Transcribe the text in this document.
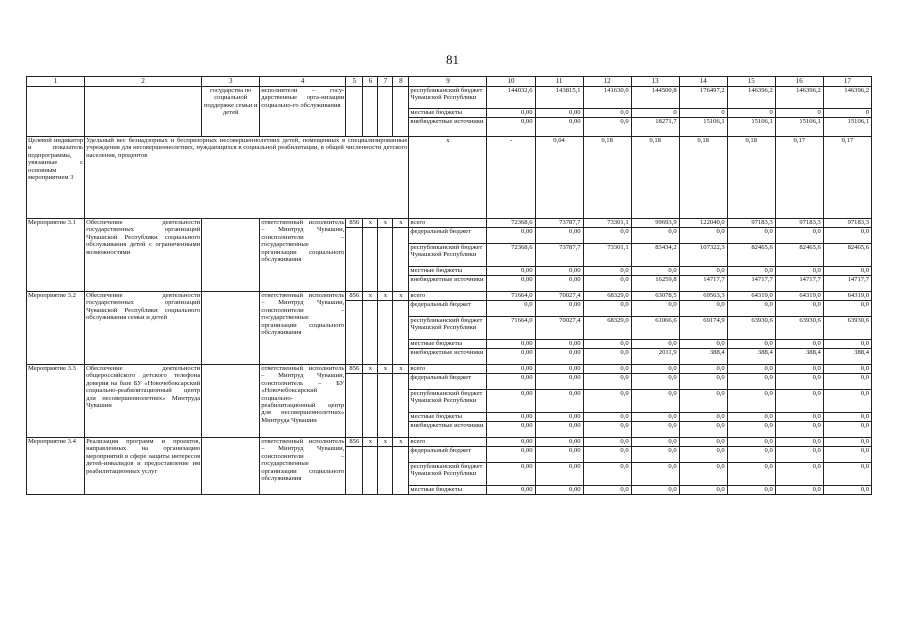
81
1	2	3	4	5	6	7	8	9	10	11	12	13	14	15	16	17
		государства по социальной поддержке семьи и детей	исполнители – госу-дарственные орга-низации социально-го обслуживания					республиканский бюджет Чувашской Республики	144032,6	143815,1	141630,0	144500,8	176497,2	146396,2	146396,2	146396,2
								местные бюджеты	0,00	0,00	0,0	0	0	0	0	0
								внебюджетные источники	0,00	0,00	0,0	18271,7	15106,1	15106,1	15106,1	15106,1
Целевой индикатор и показатель подпрограммы, увязанные с основным мероприятием 3	Удельный вес безнадзорных и беспризорных несовершеннолетних детей, помещенных в специализированные учреждения для несовершеннолетних, нуждающихся в социальной реабилитации, в общей численности детского населения, процентов							х	-	0,04	0,18	0,18	0,18	0,18	0,17	0,17
Мероприятие 3.1	Обеспечение деятельности государственных организаций Чувашской Республики социального обслуживания детей с ограниченными возможностями		ответственный исполнитель – Минтруд Чувашии, соисполнители – государственные организации социального обслуживания	856	х	х	х	всего	72368,6	73787,7	73301,1	99693,9	122040,0	97183,3	97183,3	97183,3
								федеральный бюджет	0,00	0,00	0,0	0,0	0,0	0,0	0,0	0,0
								республиканский бюджет Чувашской Республики	72368,6	73787,7	73301,1	83434,2	107322,3	82465,6	82465,6	82465,6
								местные бюджеты	0,00	0,00	0,0	0,0	0,0	0,0	0,0	0,0
								внебюджетные источники	0,00	0,00	0,0	16259,8	14717,7	14717,7	14717,7	14717,7
Мероприятие 3.2	Обеспечение деятельности государственных организаций Чувашской Республики социального обслуживания семьи и детей		ответственный исполнитель – Минтруд Чувашии, соисполнители – государственные организации социального обслуживания	856	х	х	х	всего	71664,0	70027,4	68329,0	63078,5	69563,3	64319,0	64319,0	64319,0
								федеральный бюджет	0,0	0,00	0,0	0,0	0,0	0,0	0,0	0,0
								республиканский бюджет Чувашской Республики	71664,0	70027,4	68329,0	61066,6	69174,9	63930,6	63930,6	63930,6
								местные бюджеты	0,00	0,00	0,0	0,0	0,0	0,0	0,0	0,0
								внебюджетные источники	0,00	0,00	0,0	2011,9	388,4	388,4	388,4	388,4
Мероприятие 3.3	Обеспечение деятельности общероссийского детского телефона доверия на базе БУ «Новочебоксарский социально-реабилитационный центр для несовершеннолетних» Минтруда Чувашии		ответственный исполнитель – Минтруд Чувашии, соисполнитель – БУ «Новочебоксарский социально-реабилитационный центр для несовершеннолетних» Минтруда Чувашии	856	х	х	х	всего	0,00	0,00	0,0	0,0	0,0	0,0	0,0	0,0
								федеральный бюджет	0,00	0,00	0,0	0,0	0,0	0,0	0,0	0,0
								республиканский бюджет Чувашской Республики	0,00	0,00	0,0	0,0	0,0	0,0	0,0	0,0
								местные бюджеты	0,00	0,00	0,0	0,0	0,0	0,0	0,0	0,0
								внебюджетные источники	0,00	0,00	0,0	0,0	0,0	0,0	0,0	0,0
Мероприятие 3.4	Реализация программ и проектов, направленных на организацию мероприятий в сфере защиты интересов детей-инвалидов и предоставление им реабилитационных услуг		ответственный исполнитель – Минтруд Чувашии, соисполнители – государственные организации социального обслуживания	856	х	х	х	всего	0,00	0,00	0,0	0,0	0,0	0,0	0,0	0,0
								федеральный бюджет	0,00	0,00	0,0	0,0	0,0	0,0	0,0	0,0
								республиканский бюджет Чувашской Республики	0,00	0,00	0,0	0,0	0,0	0,0	0,0	0,0
								местные бюджеты	0,00	0,00	0,0	0,0	0,0	0,0	0,0	0,0
